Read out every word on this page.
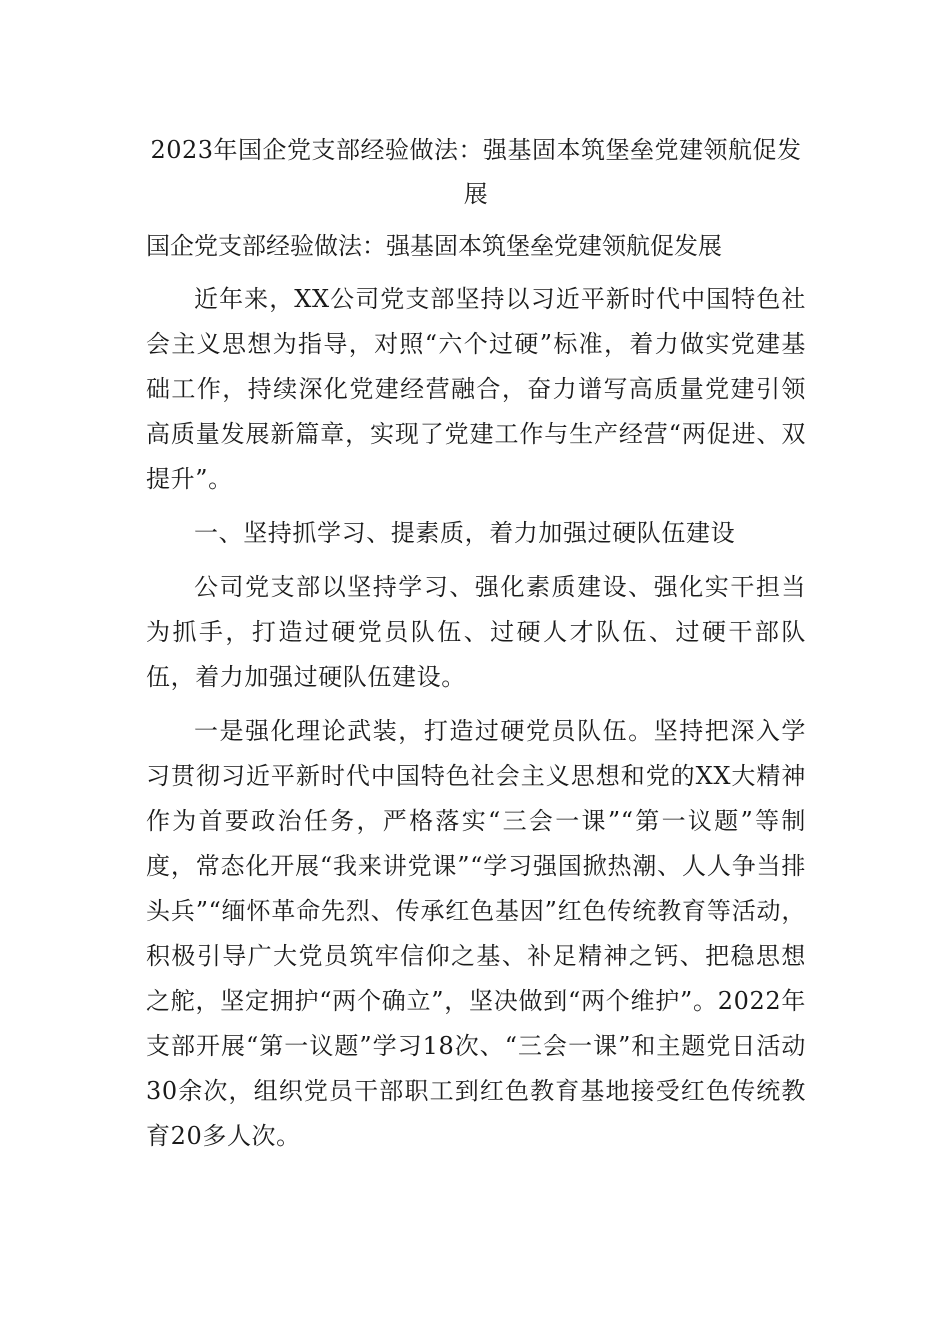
2023年国企党支部经验做法：强基固本筑堡垒党建领航促发展

国企党支部经验做法：强基固本筑堡垒党建领航促发展

近年来，XX公司党支部坚持以习近平新时代中国特色社会主义思想为指导，对照“六个过硬”标准，着力做实党建基础工作，持续深化党建经营融合，奋力谱写高质量党建引领高质量发展新篇章，实现了党建工作与生产经营“两促进、双提升”。

一、坚持抓学习、提素质，着力加强过硬队伍建设

公司党支部以坚持学习、强化素质建设、强化实干担当为抓手，打造过硬党员队伍、过硬人才队伍、过硬干部队伍，着力加强过硬队伍建设。

一是强化理论武装，打造过硬党员队伍。坚持把深入学习贯彻习近平新时代中国特色社会主义思想和党的XX大精神作为首要政治任务，严格落实“三会一课”“第一议题”等制度，常态化开展“我来讲党课”“学习强国掀热潮、人人争当排头兵”“缅怀革命先烈、传承红色基因”红色传统教育等活动，积极引导广大党员筑牢信仰之基、补足精神之钙、把稳思想之舵，坚定拥护“两个确立”，坚决做到“两个维护”。2022年支部开展“第一议题”学习18次、“三会一课”和主题党日活动30余次，组织党员干部职工到红色教育基地接受红色传统教育20多人次。
